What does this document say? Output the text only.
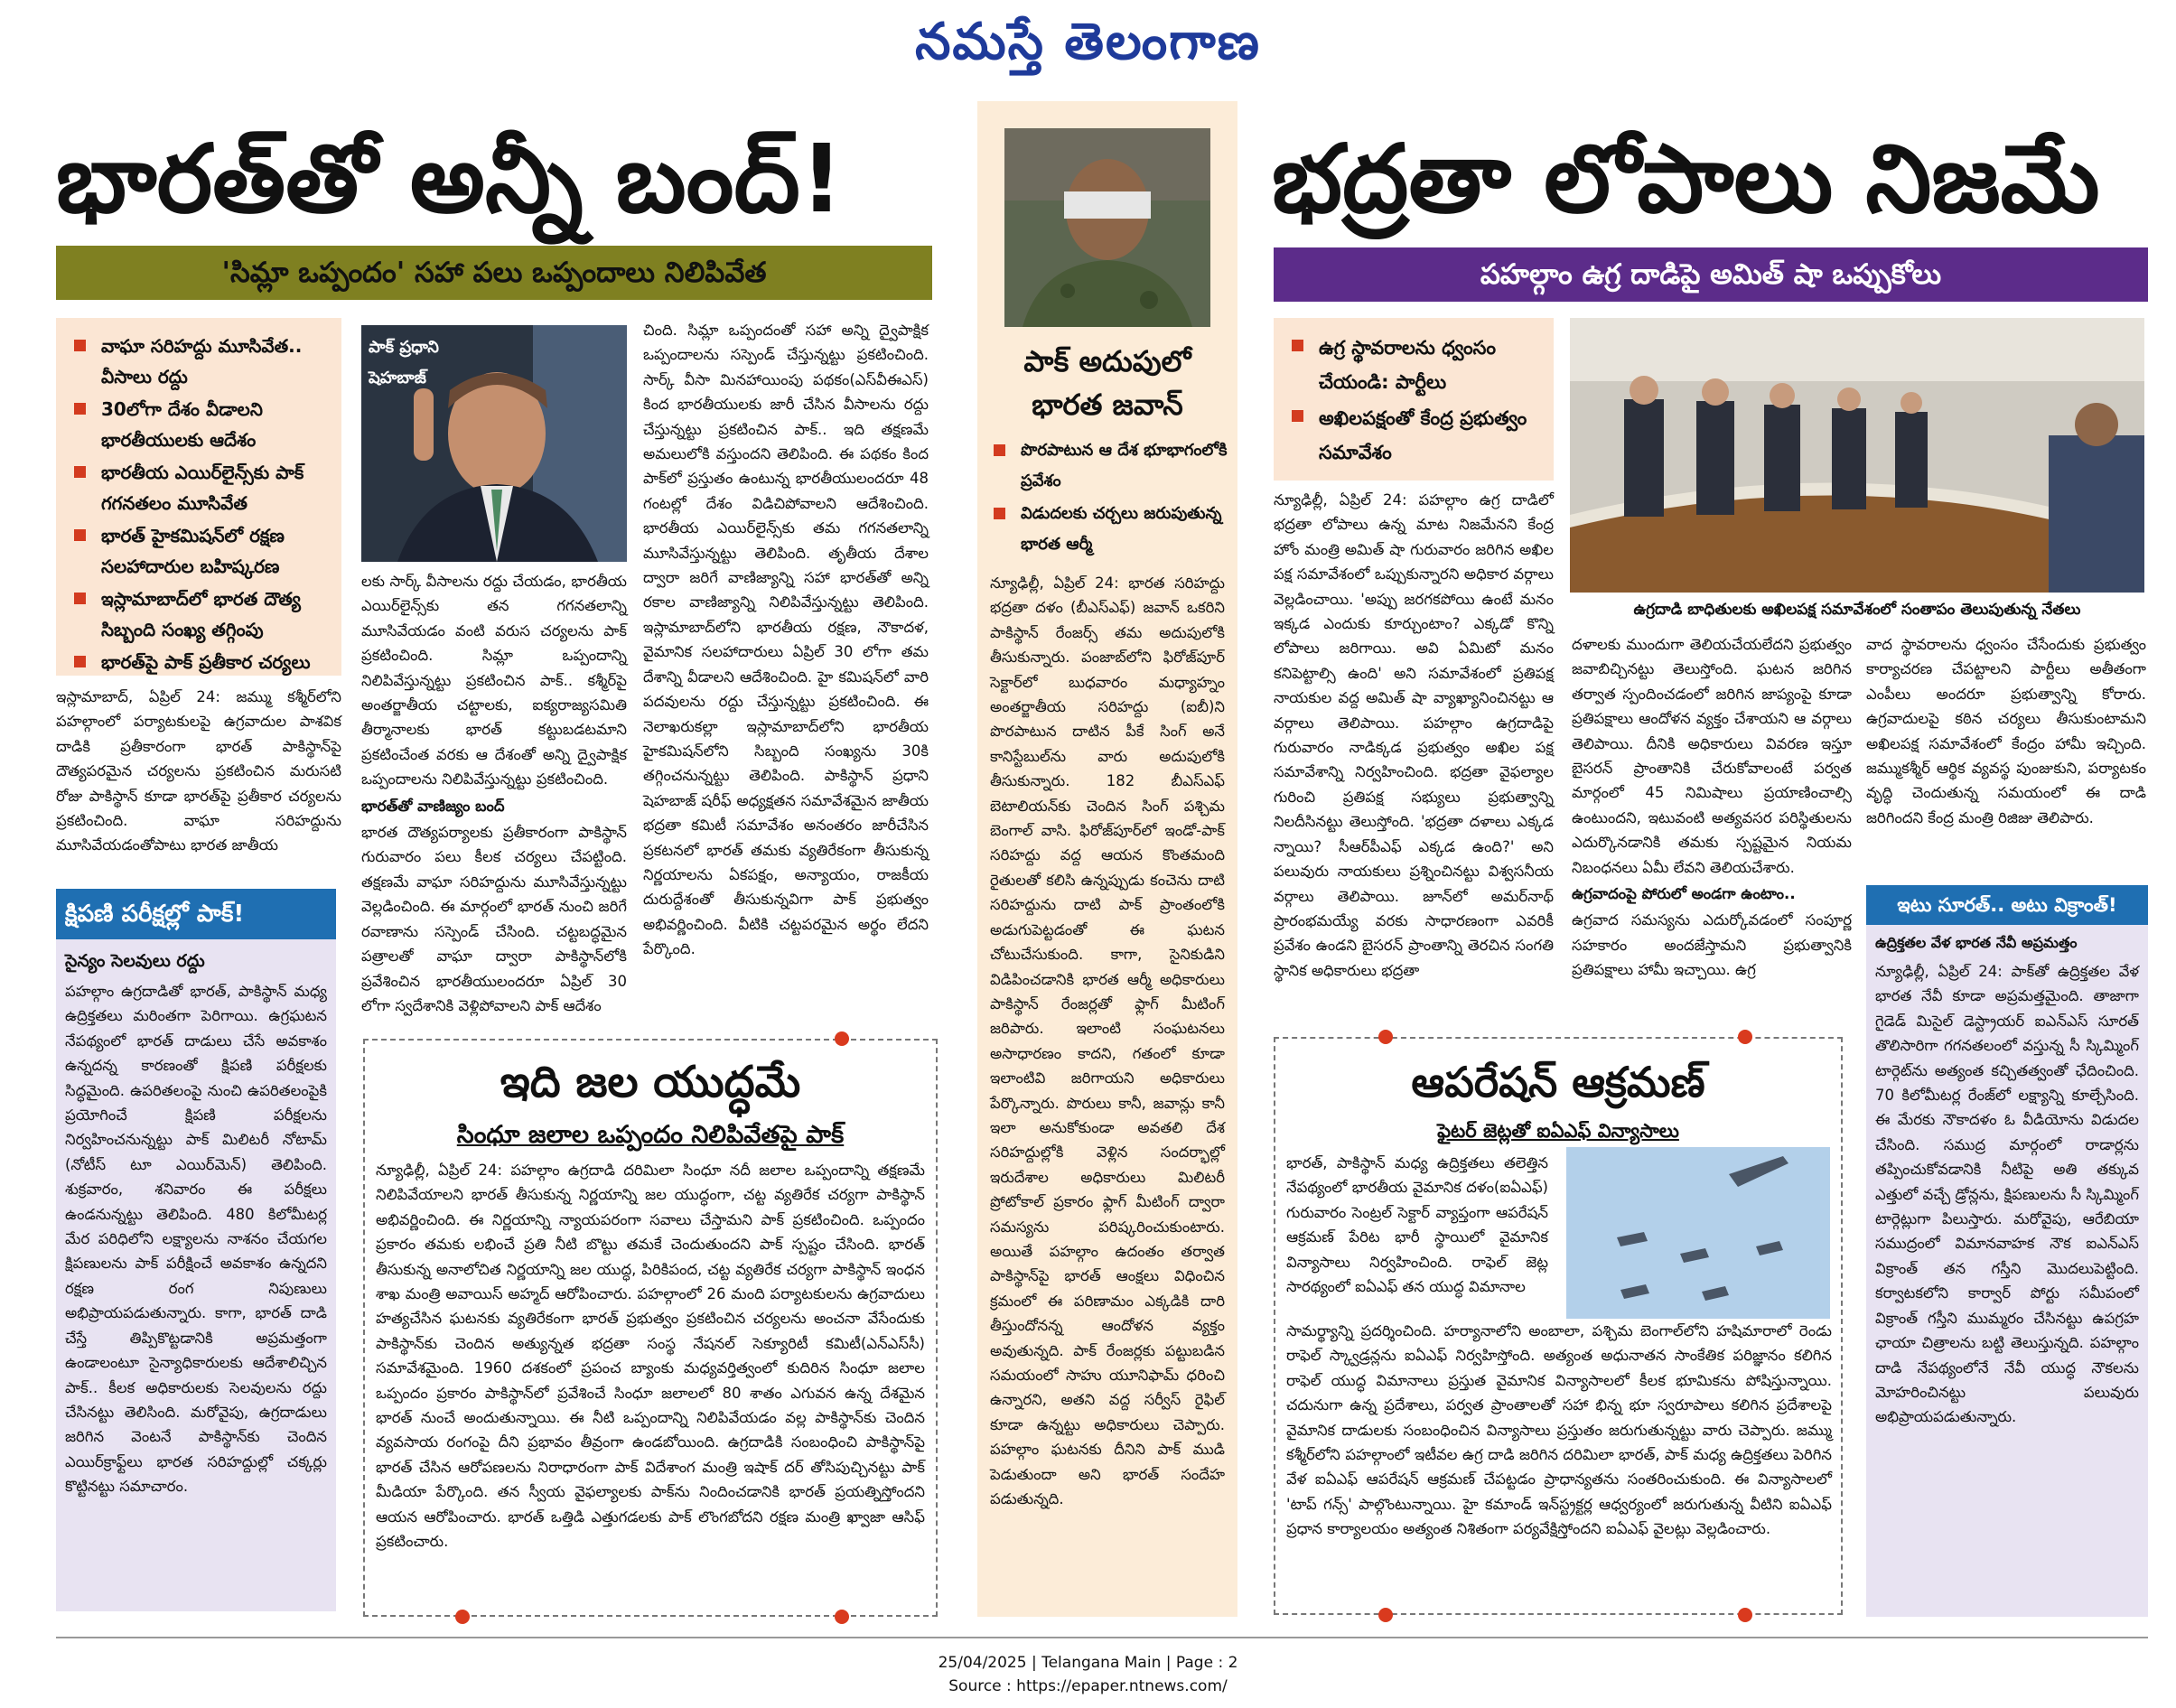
నమస్తే తెలంగాణ
భారత్‌తో అన్నీ బంద్!
'సిమ్లా ఒప్పందం' సహా పలు ఒప్పందాలు నిలిపివేత
వాఘా సరిహద్దు మూసివేత.. వీసాలు రద్దు
30లోగా దేశం వీడాలని భారతీయులకు ఆదేశం
భారతీయ ఎయిర్‌లైన్స్‌కు పాక్ గగనతలం మూసివేత
భారత్ హైకమిషన్‌లో రక్షణ సలహాదారుల బహిష్కరణ
ఇస్లామాబాద్‌లో భారత దౌత్య సిబ్బంది సంఖ్య తగ్గింపు
భారత్‌పై పాక్ ప్రతీకార చర్యలు
పాక్ ప్రధాని షెహబాజ్
ఇస్లామాబాద్, ఏప్రిల్ 24: జమ్ము కశ్మీర్‌లోని పహల్గాంలో పర్యాటకులపై ఉగ్రవాదుల పాశవిక దాడికి ప్రతీకారంగా భారత్ పాకిస్థాన్‌పై దౌత్యపరమైన చర్యలను ప్రకటించిన మరుసటి రోజు పాకిస్థాన్ కూడా భారత్‌పై ప్రతీకార చర్యలను ప్రకటించింది. వాఘా సరిహద్దును మూసివేయడంతోపాటు భారత జాతీయ

లకు సార్క్ వీసాలను రద్దు చేయడం, భారతీయ ఎయిర్‌లైన్స్‌కు తన గగనతలాన్ని మూసివేయడం వంటి వరుస చర్యలను పాక్ ప్రకటించింది. సిమ్లా ఒప్పందాన్ని నిలిపివేస్తున్నట్టు ప్రకటించిన పాక్.. కశ్మీర్‌పై అంతర్జాతీయ చట్టాలకు, ఐక్యరాజ్యసమితి తీర్మానాలకు భారత్ కట్టుబడటమాని ప్రకటించేంత వరకు ఆ దేశంతో అన్ని ద్వైపాక్షిక ఒప్పందాలను నిలిపివేస్తున్నట్టు ప్రకటించింది.

భారత్‌తో వాణిజ్యం బంద్

భారత దౌత్యపర్యాలకు ప్రతీకారంగా పాకిస్థాన్ గురువారం పలు కీలక చర్యలు చేపట్టింది. తక్షణమే వాఘా సరిహద్దును మూసివేస్తున్నట్టు వెల్లడించింది. ఈ మార్గంలో భారత్ నుంచి జరిగే రవాణాను సస్పెండ్ చేసింది. చట్టబద్ధమైన పత్రాలతో వాఘా ద్వారా పాకిస్థాన్‌లోకి ప్రవేశించిన భారతీయులందరూ ఏప్రిల్ 30 లోగా స్వదేశానికి వెళ్లిపోవాలని పాక్ ఆదేశం

చింది. సిమ్లా ఒప్పందంతో సహా అన్ని ద్వైపాక్షిక ఒప్పందాలను సస్పెండ్ చేస్తున్నట్టు ప్రకటించింది. సార్క్ వీసా మినహాయింపు పథకం(ఎస్‌వీఈఎస్) కింద భారతీయులకు జారీ చేసిన వీసాలను రద్దు చేస్తున్నట్టు ప్రకటించిన పాక్.. ఇది తక్షణమే అమలులోకి వస్తుందని తెలిపింది. ఈ పథకం కింద పాక్‌లో ప్రస్తుతం ఉంటున్న భారతీయులందరూ 48 గంటల్లో దేశం విడిచిపోవాలని ఆదేశించింది. భారతీయ ఎయిర్‌లైన్స్‌కు తమ గగనతలాన్ని మూసివేస్తున్నట్టు తెలిపింది. తృతీయ దేశాల ద్వారా జరిగే వాణిజ్యాన్ని సహా భారత్‌తో అన్ని రకాల వాణిజ్యాన్ని నిలిపివేస్తున్నట్టు తెలిపింది. ఇస్లామాబాద్‌లోని భారతీయ రక్షణ, నౌకాదళ, వైమానిక సలహాదారులు ఏప్రిల్ 30 లోగా తమ దేశాన్ని వీడాలని ఆదేశించింది. హై కమిషన్‌లో వారి పదవులను రద్దు చేస్తున్నట్టు ప్రకటించింది. ఈ నెలాఖరుకల్లా ఇస్లామాబాద్‌లోని భారతీయ హైకమిషన్‌లోని సిబ్బంది సంఖ్యను 30కి తగ్గించనున్నట్టు తెలిపింది. పాకిస్థాన్ ప్రధాని షెహబాజ్ షరీఫ్ అధ్యక్షతన సమావేశమైన జాతీయ భద్రతా కమిటీ సమావేశం అనంతరం జారీచేసిన ప్రకటనలో భారత్ తమకు వ్యతిరేకంగా తీసుకున్న నిర్ణయాలను ఏకపక్షం, అన్యాయం, రాజకీయ దురుద్దేశంతో తీసుకున్నవిగా పాక్ ప్రభుత్వం అభివర్ణించింది. వీటికి చట్టపరమైన అర్థం లేదని పేర్కొంది.
క్షిపణి పరీక్షల్లో పాక్!
సైన్యం సెలవులు రద్దు
పహల్గాం ఉగ్రదాడితో భారత్, పాకిస్థాన్ మధ్య ఉద్రిక్తతలు మరింతగా పెరిగాయి. ఉగ్రఘటన నేపథ్యంలో భారత్ దాడులు చేసే అవకాశం ఉన్నదన్న కారణంతో క్షిపణి పరీక్షలకు సిద్ధమైంది. ఉపరితలంపై నుంచి ఉపరితలంపైకి ప్రయోగించే క్షిపణి పరీక్షలను నిర్వహించనున్నట్టు పాక్ మిలిటరీ నోటామ్ (నోటీస్ టూ ఎయిర్‌మెన్) తెలిపింది. శుక్రవారం, శనివారం ఈ పరీక్షలు ఉండనున్నట్టు తెలిపింది. 480 కిలోమీటర్ల మేర పరిధిలోని లక్ష్యాలను నాశనం చేయగల క్షిపణులను పాక్ పరీక్షించే అవకాశం ఉన్నదని రక్షణ రంగ నిపుణులు అభిప్రాయపడుతున్నారు. కాగా, భారత్ దాడి చేస్తే తిప్పికొట్టడానికి అప్రమత్తంగా ఉండాలంటూ సైన్యాధికారులకు ఆదేశాలిచ్చిన పాక్.. కీలక అధికారులకు సెలవులను రద్దు చేసినట్టు తెలిసింది. మరోవైపు, ఉగ్రదాడులు జరిగిన వెంటనే పాకిస్థాన్‌కు చెందిన ఎయిర్‌క్రాఫ్ట్‌లు భారత సరిహద్దుల్లో చక్కర్లు కొట్టినట్టు సమాచారం.
ఇది జల యుద్ధమే
సింధూ జలాల ఒప్పందం నిలిపివేతపై పాక్
న్యూఢిల్లీ, ఏప్రిల్ 24: పహల్గాం ఉగ్రదాడి దరిమిలా సింధూ నదీ జలాల ఒప్పందాన్ని తక్షణమే నిలిపివేయాలని భారత్ తీసుకున్న నిర్ణయాన్ని జల యుద్ధంగా, చట్ట వ్యతిరేక చర్యగా పాకిస్థాన్ అభివర్ణించింది. ఈ నిర్ణయాన్ని న్యాయపరంగా సవాలు చేస్తామని పాక్ ప్రకటించింది. ఒప్పందం ప్రకారం తమకు లభించే ప్రతి నీటి బొట్టు తమకే చెందుతుందని పాక్ స్పష్టం చేసింది. భారత్ తీసుకున్న అనాలోచిత నిర్ణయాన్ని జల యుద్ధ, పిరికిపంద, చట్ట వ్యతిరేక చర్యగా పాకిస్థాన్ ఇంధన శాఖ మంత్రి అవాయిస్ అహ్మద్ ఆరోపించారు. పహల్గాంలో 26 మంది పర్యాటకులను ఉగ్రవాదులు హత్యచేసిన ఘటనకు వ్యతిరేకంగా భారత్ ప్రభుత్వం ప్రకటించిన చర్యలను అంచనా వేసేందుకు పాకిస్థాన్‌కు చెందిన అత్యున్నత భద్రతా సంస్థ నేషనల్ సెక్యూరిటీ కమిటీ(ఎన్‌ఎస్‌సీ) సమావేశమైంది. 1960 దశకంలో ప్రపంచ బ్యాంకు మధ్యవర్తిత్వంలో కుదిరిన సింధూ జలాల ఒప్పందం ప్రకారం పాకిస్థాన్‌లో ప్రవేశించే సింధూ జలాలలో 80 శాతం ఎగువన ఉన్న దేశమైన భారత్ నుంచే అందుతున్నాయి. ఈ నీటి ఒప్పందాన్ని నిలిపివేయడం వల్ల పాకిస్థాన్‌కు చెందిన వ్యవసాయ రంగంపై దీని ప్రభావం తీవ్రంగా ఉండబోయింది. ఉగ్రదాడికి సంబంధించి పాకిస్థాన్‌పై భారత్ చేసిన ఆరోపణలను నిరాధారంగా పాక్ విదేశాంగ మంత్రి ఇషాక్ దర్ తోసిపుచ్చినట్టు పాక్ మీడియా పేర్కొంది. తన స్వీయ వైఫల్యాలకు పాక్‌ను నిందించడానికి భారత్ ప్రయత్నిస్తోందని ఆయన ఆరోపించారు. భారత్ ఒత్తిడి ఎత్తుగడలకు పాక్ లొంగబోదని రక్షణ మంత్రి ఖ్వాజా ఆసిఫ్ ప్రకటించారు.
పాక్ అదుపులో భారత జవాన్
పొరపాటున ఆ దేశ భూభాగంలోకి ప్రవేశం
విడుదలకు చర్చలు జరుపుతున్న భారత ఆర్మీ
న్యూఢిల్లీ, ఏప్రిల్ 24: భారత సరిహద్దు భద్రతా దళం (బీఎస్‌ఎఫ్) జవాన్ ఒకరిని పాకిస్థాన్ రేంజర్స్ తమ అదుపులోకి తీసుకున్నారు. పంజాబ్‌లోని ఫిరోజ్‌పూర్ సెక్టార్‌లో బుధవారం మధ్యాహ్నం అంతర్జాతీయ సరిహద్దు (ఐబీ)ని పొరపాటున దాటిన పీకే సింగ్ అనే కానిస్టేబుల్‌ను వారు అదుపులోకి తీసుకున్నారు. 182 బీఎస్‌ఎఫ్ బెటాలియన్‌కు చెందిన సింగ్ పశ్చిమ బెంగాల్ వాసి. ఫిరోజ్‌పూర్‌లో ఇండో-పాక్ సరిహద్దు వద్ద ఆయన కొంతమంది రైతులతో కలిసి ఉన్నప్పుడు కంచెను దాటి సరిహద్దును దాటి పాక్ ప్రాంతంలోకి అడుగుపెట్టడంతో ఈ ఘటన చోటుచేసుకుంది. కాగా, సైనికుడిని విడిపించడానికి భారత ఆర్మీ అధికారులు పాకిస్థాన్ రేంజర్లతో ఫ్లాగ్ మీటింగ్ జరిపారు. ఇలాంటి సంఘటనలు అసాధారణం కాదని, గతంలో కూడా ఇలాంటివి జరిగాయని అధికారులు పేర్కొన్నారు. పొరులు కానీ, జవాన్లు కానీ ఇలా అనుకోకుండా అవతలి దేశ సరిహద్దుల్లోకి వెళ్లిన సందర్భాల్లో ఇరుదేశాల అధికారులు మిలిటరీ ప్రోటోకాల్ ప్రకారం ఫ్లాగ్ మీటింగ్ ద్వారా సమస్యను పరిష్కరించుకుంటారు. అయితే పహల్గాం ఉదంతం తర్వాత పాకిస్థాన్‌పై భారత్ ఆంక్షలు విధించిన క్రమంలో ఈ పరిణామం ఎక్కడికి దారి తీస్తుందోనన్న ఆందోళన వ్యక్తం అవుతున్నది. పాక్ రేంజర్లకు పట్టుబడిన సమయంలో సాహు యూనిఫామ్ ధరించి ఉన్నారని, అతని వద్ద సర్వీస్ రైఫిల్ కూడా ఉన్నట్టు అధికారులు చెప్పారు. పహల్గాం ఘటనకు దీనిని పాక్ ముడి పెడుతుందా అని భారత్ సందేహ పడుతున్నది.
భద్రతా లోపాలు నిజమే
పహల్గాం ఉగ్ర దాడిపై అమిత్ షా ఒప్పుకోలు
ఉగ్ర స్థావరాలను ధ్వంసం చేయండి: పార్టీలు
అఖిలపక్షంతో కేంద్ర ప్రభుత్వం సమావేశం
ఉగ్రదాడి బాధితులకు అఖిలపక్ష సమావేశంలో సంతాపం తెలుపుతున్న నేతలు
న్యూఢిల్లీ, ఏప్రిల్ 24: పహల్గాం ఉగ్ర దాడిలో భద్రతా లోపాలు ఉన్న మాట నిజమేనని కేంద్ర హోం మంత్రి అమిత్ షా గురువారం జరిగిన అఖిల పక్ష సమావేశంలో ఒప్పుకున్నారని అధికార వర్గాలు వెల్లడించాయి. 'అప్పు జరగకపోయి ఉంటే మనం ఇక్కడ ఎందుకు కూర్చుంటాం? ఎక్కడో కొన్ని లోపాలు జరిగాయి. అవి ఏమిటో మనం కనిపెట్టాల్సి ఉంది' అని సమావేశంలో ప్రతిపక్ష నాయకుల వద్ద అమిత్ షా వ్యాఖ్యానించినట్టు ఆ వర్గాలు తెలిపాయి. పహల్గాం ఉగ్రదాడిపై గురువారం నాడిక్కడ ప్రభుత్వం అఖిల పక్ష సమావేశాన్ని నిర్వహించింది. భద్రతా వైఫల్యాల గురించి ప్రతిపక్ష సభ్యులు ప్రభుత్వాన్ని నిలదీసినట్టు తెలుస్తోంది. 'భద్రతా దళాలు ఎక్కడ న్నాయి? సీఆర్‌పీఎఫ్ ఎక్కడ ఉంది?' అని పలువురు నాయకులు ప్రశ్నించినట్టు విశ్వసనీయ వర్గాలు తెలిపాయి. జూన్‌లో అమర్‌నాథ్ ప్రారంభమయ్యే వరకు సాధారణంగా ఎవరికీ ప్రవేశం ఉండని బైసరన్ ప్రాంతాన్ని తెరచిన సంగతి స్థానిక అధికారులు భద్రతా

దళాలకు ముందుగా తెలియచేయలేదని ప్రభుత్వం జవాబిచ్చినట్టు తెలుస్తోంది. ఘటన జరిగిన తర్వాత స్పందించడంలో జరిగిన జాప్యంపై కూడా ప్రతిపక్షాలు ఆందోళన వ్యక్తం చేశాయని ఆ వర్గాలు తెలిపాయి. దీనికి అధికారులు వివరణ ఇస్తూ బైసరన్ ప్రాంతానికి చేరుకోవాలంటే పర్వత మార్గంలో 45 నిమిషాలు ప్రయాణించాల్సి ఉంటుందని, ఇటువంటి అత్యవసర పరిస్థితులను ఎదుర్కొనడానికి తమకు స్పష్టమైన నియమ నిబంధనలు ఏమీ లేవని తెలియచేశారు.

ఉగ్రవాదంపై పోరులో అండగా ఉంటాం..

ఉగ్రవాద సమస్యను ఎదుర్కోవడంలో సంపూర్ణ సహకారం అందజేస్తామని ప్రభుత్వానికి ప్రతిపక్షాలు హామీ ఇచ్చాయి. ఉగ్ర

వాద స్థావరాలను ధ్వంసం చేసేందుకు ప్రభుత్వం కార్యాచరణ చేపట్టాలని పార్టీలు అతీతంగా ఎంపీలు అందరూ ప్రభుత్వాన్ని కోరారు. ఉగ్రవాదులపై కఠిన చర్యలు తీసుకుంటామని అఖిలపక్ష సమావేశంలో కేంద్రం హామీ ఇచ్చింది. జమ్ముకశ్మీర్ ఆర్థిక వ్యవస్థ పుంజుకుని, పర్యాటకం వృద్ధి చెందుతున్న సమయంలో ఈ దాడి జరిగిందని కేంద్ర మంత్రి రిజిజు తెలిపారు.
ఇటు సూరత్.. అటు విక్రాంత్!
ఉద్రిక్తతల వేళ భారత నేవీ అప్రమత్తం
న్యూఢిల్లీ, ఏప్రిల్ 24: పాక్‌తో ఉద్రిక్తతల వేళ భారత నేవీ కూడా అప్రమత్తమైంది. తాజాగా గైడెడ్ మిసైల్ డెస్ట్రాయర్ ఐఎన్‌ఎస్ సూరత్ తొలిసారిగా గగనతలంలో వస్తున్న సీ స్కిమ్మింగ్ టార్గెట్‌ను అత్యంత కచ్చితత్వంతో ఛేదించింది. 70 కిలోమీటర్ల రేంజ్‌లో లక్ష్యాన్ని కూల్చేసింది. ఈ మేరకు నౌకాదళం ఓ వీడియోను విడుదల చేసింది. సముద్ర మార్గంలో రాడార్లను తప్పించుకోవడానికి నీటిపై అతి తక్కువ ఎత్తులో వచ్చే డ్రోన్లను, క్షిపణులను సీ స్కిమ్మింగ్ టార్గెట్లుగా పిలుస్తారు. మరోవైపు, ఆరేబియా సముద్రంలో విమానవాహక నౌక ఐఎన్‌ఎస్ విక్రాంత్ తన గస్తీని మొదలుపెట్టింది. కర్వాటకలోని కార్వార్ పోర్టు సమీపంలో విక్రాంత్ గస్తీని ముమ్మరం చేసినట్టు ఉపగ్రహ ఛాయా చిత్రాలను బట్టి తెలుస్తున్నది. పహల్గాం దాడి నేపథ్యంలోనే నేవీ యుద్ధ నౌకలను మోహరించినట్టు పలువురు అభిప్రాయపడుతున్నారు.
ఆపరేషన్ ఆక్రమణ్
ఫైటర్ జెట్లతో ఐఏఎఫ్ విన్యాసాలు
భారత్, పాకిస్థాన్ మధ్య ఉద్రిక్తతలు తలెత్తిన నేపథ్యంలో భారతీయ వైమానిక దళం(ఐఏఎఫ్) గురువారం సెంట్రల్ సెక్టార్ వ్యాప్తంగా ఆపరేషన్ ఆక్రమణ్ పేరిట భారీ స్థాయిలో వైమానిక విన్యాసాలు నిర్వహించింది. రాఫెల్ జెట్ల సారథ్యంలో ఐఏఎఫ్ తన యుద్ధ విమానాల
సామర్థ్యాన్ని ప్రదర్శించింది. హర్యానాలోని అంబాలా, పశ్చిమ బెంగాల్‌లోని హషిమారాలో రెండు రాఫెల్ స్క్వాడ్రన్లను ఐఏఎఫ్ నిర్వహిస్తోంది. అత్యంత అధునాతన సాంకేతిక పరిజ్ఞానం కలిగిన రాఫెల్ యుద్ధ విమానాలు ప్రస్తుత వైమానిక విన్యాసాలలో కీలక భూమికను పోషిస్తున్నాయి. చదునుగా ఉన్న ప్రదేశాలు, పర్వత ప్రాంతాలతో సహా భిన్న భూ స్వరూపాలు కలిగిన ప్రదేశాలపై వైమానిక దాడులకు సంబంధించిన విన్యాసాలు ప్రస్తుతం జరుగుతున్నట్టు వారు చెప్పారు. జమ్ము కశ్మీర్‌లోని పహల్గాంలో ఇటీవల ఉగ్ర దాడి జరిగిన దరిమిలా భారత్, పాక్ మధ్య ఉద్రిక్తతలు పెరిగిన వేళ ఐఏఎఫ్ ఆపరేషన్ ఆక్రమణ్ చేపట్టడం ప్రాధాన్యతను సంతరించుకుంది. ఈ విన్యాసాలలో 'టాప్ గన్స్' పాల్గొంటున్నాయి. హై కమాండ్ ఇన్‌స్ట్రక్టర్ల ఆధ్వర్యంలో జరుగుతున్న వీటిని ఐఏఎఫ్ ప్రధాన కార్యాలయం అత్యంత నిశితంగా పర్యవేక్షిస్తోందని ఐఏఎఫ్ వైలట్లు వెల్లడించారు.
25/04/2025 | Telangana Main | Page : 2
Source : https://epaper.ntnews.com/
